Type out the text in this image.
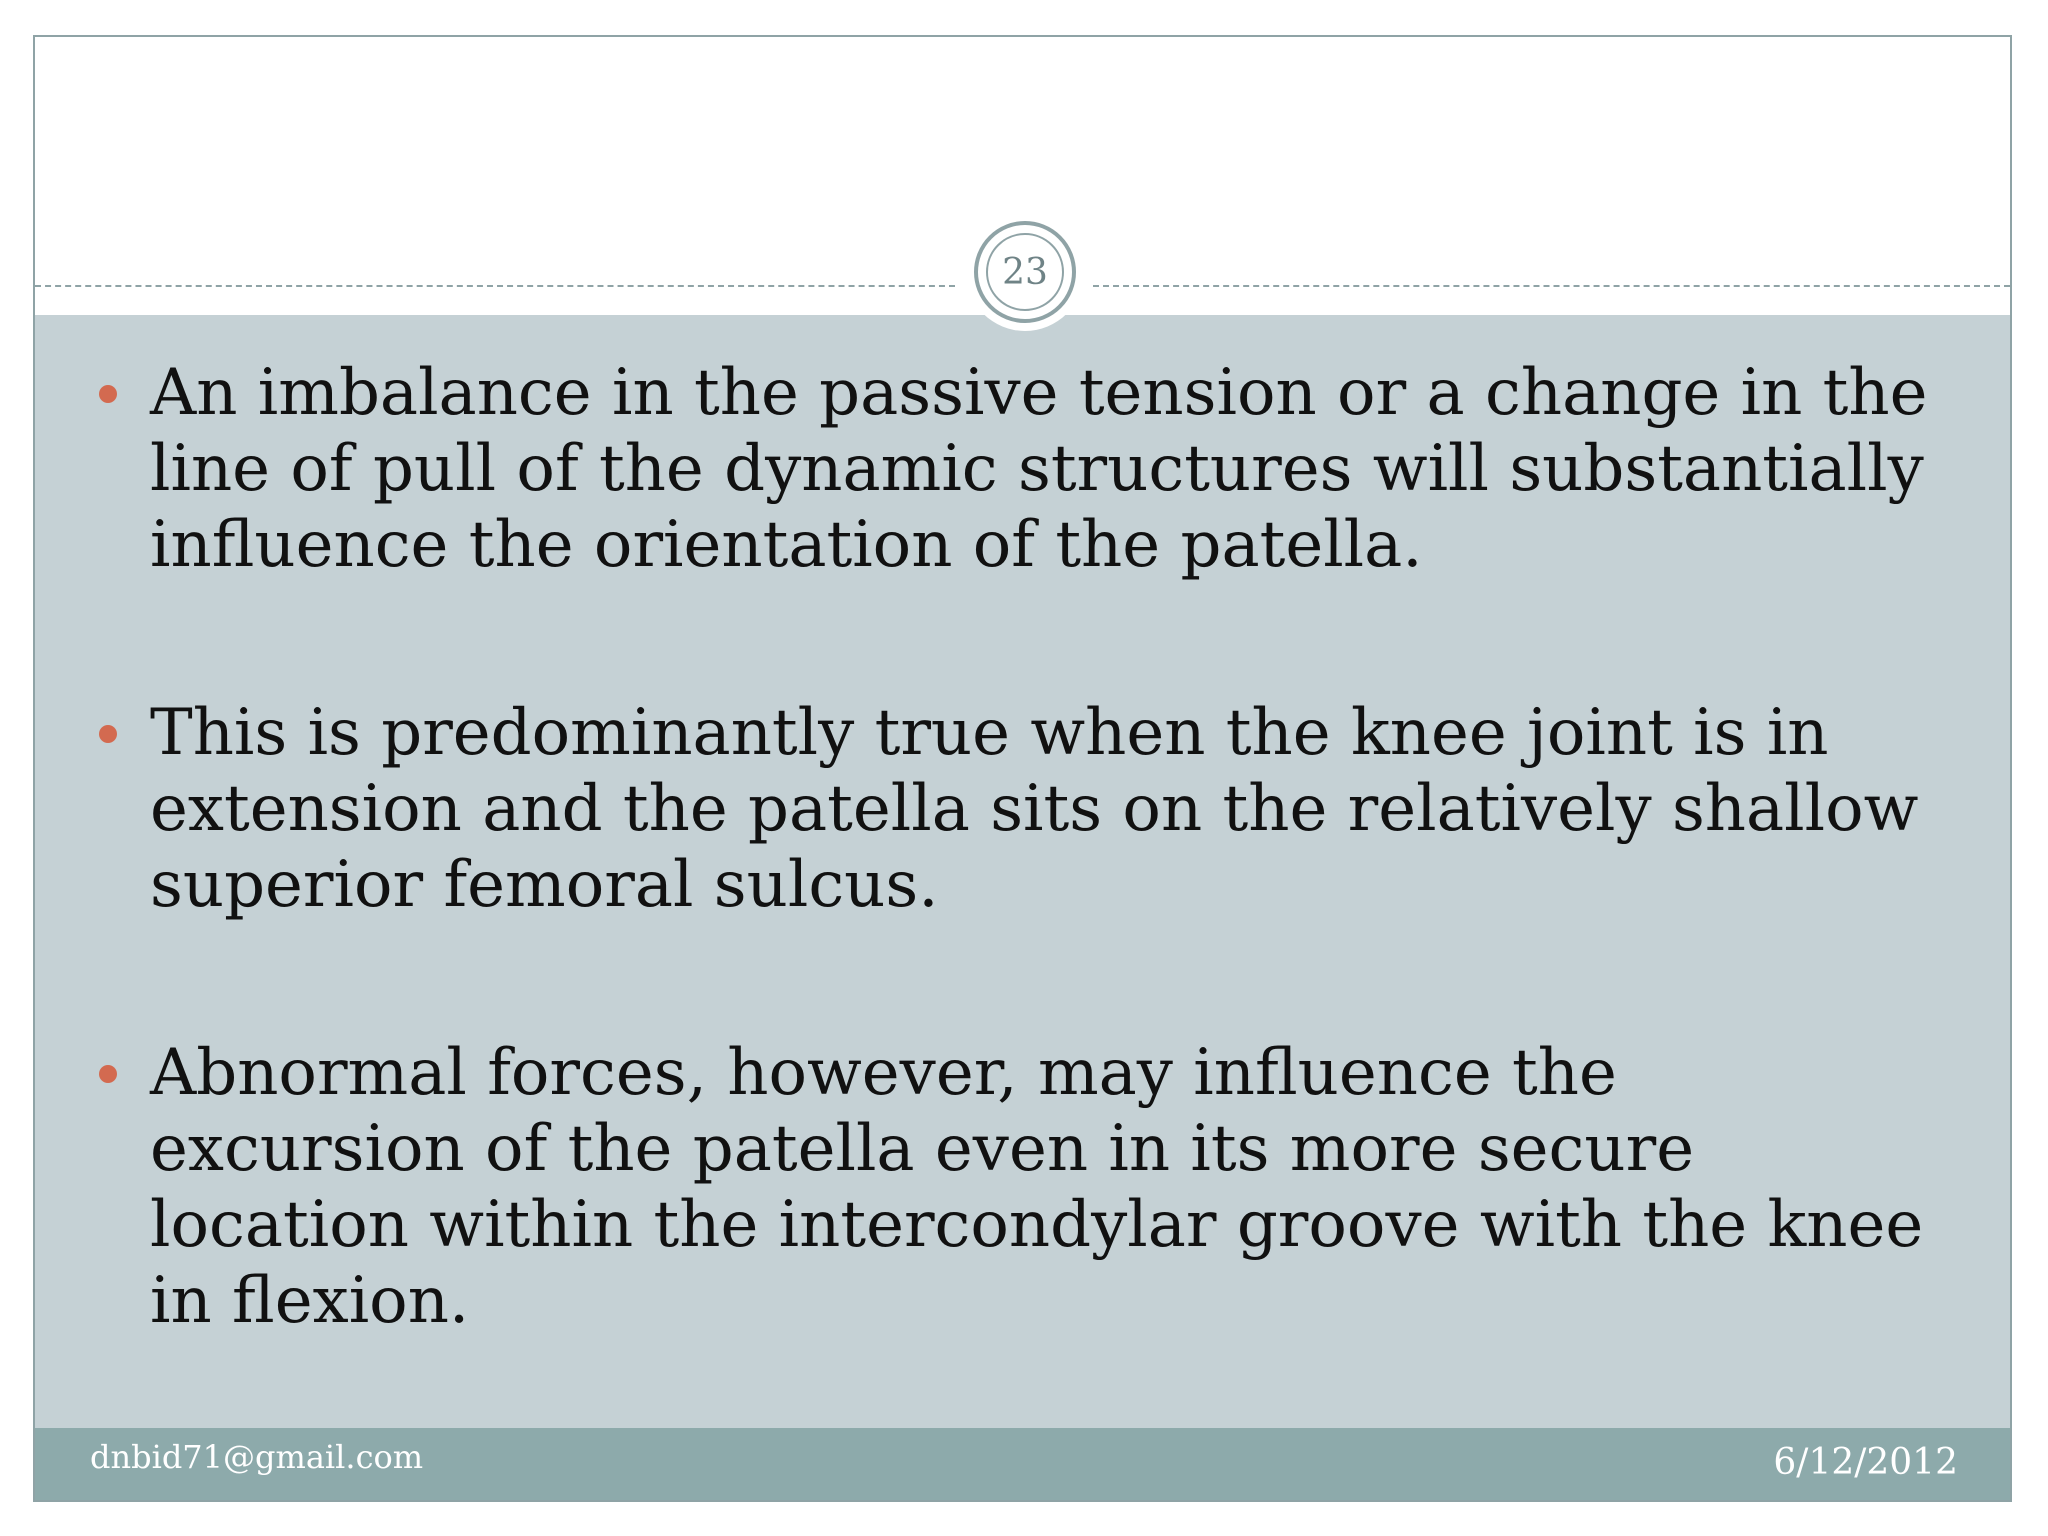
23
An imbalance in the passive tension or a change in the line of pull of the dynamic structures will substantially influence the orientation of the patella.
This is predominantly true when the knee joint is in extension and the patella sits on the relatively shallow superior femoral sulcus.
Abnormal forces, however, may influence the excursion of the patella even in its more secure location within the intercondylar groove with the knee in flexion.
dnbid71@gmail.com	6/12/2012
